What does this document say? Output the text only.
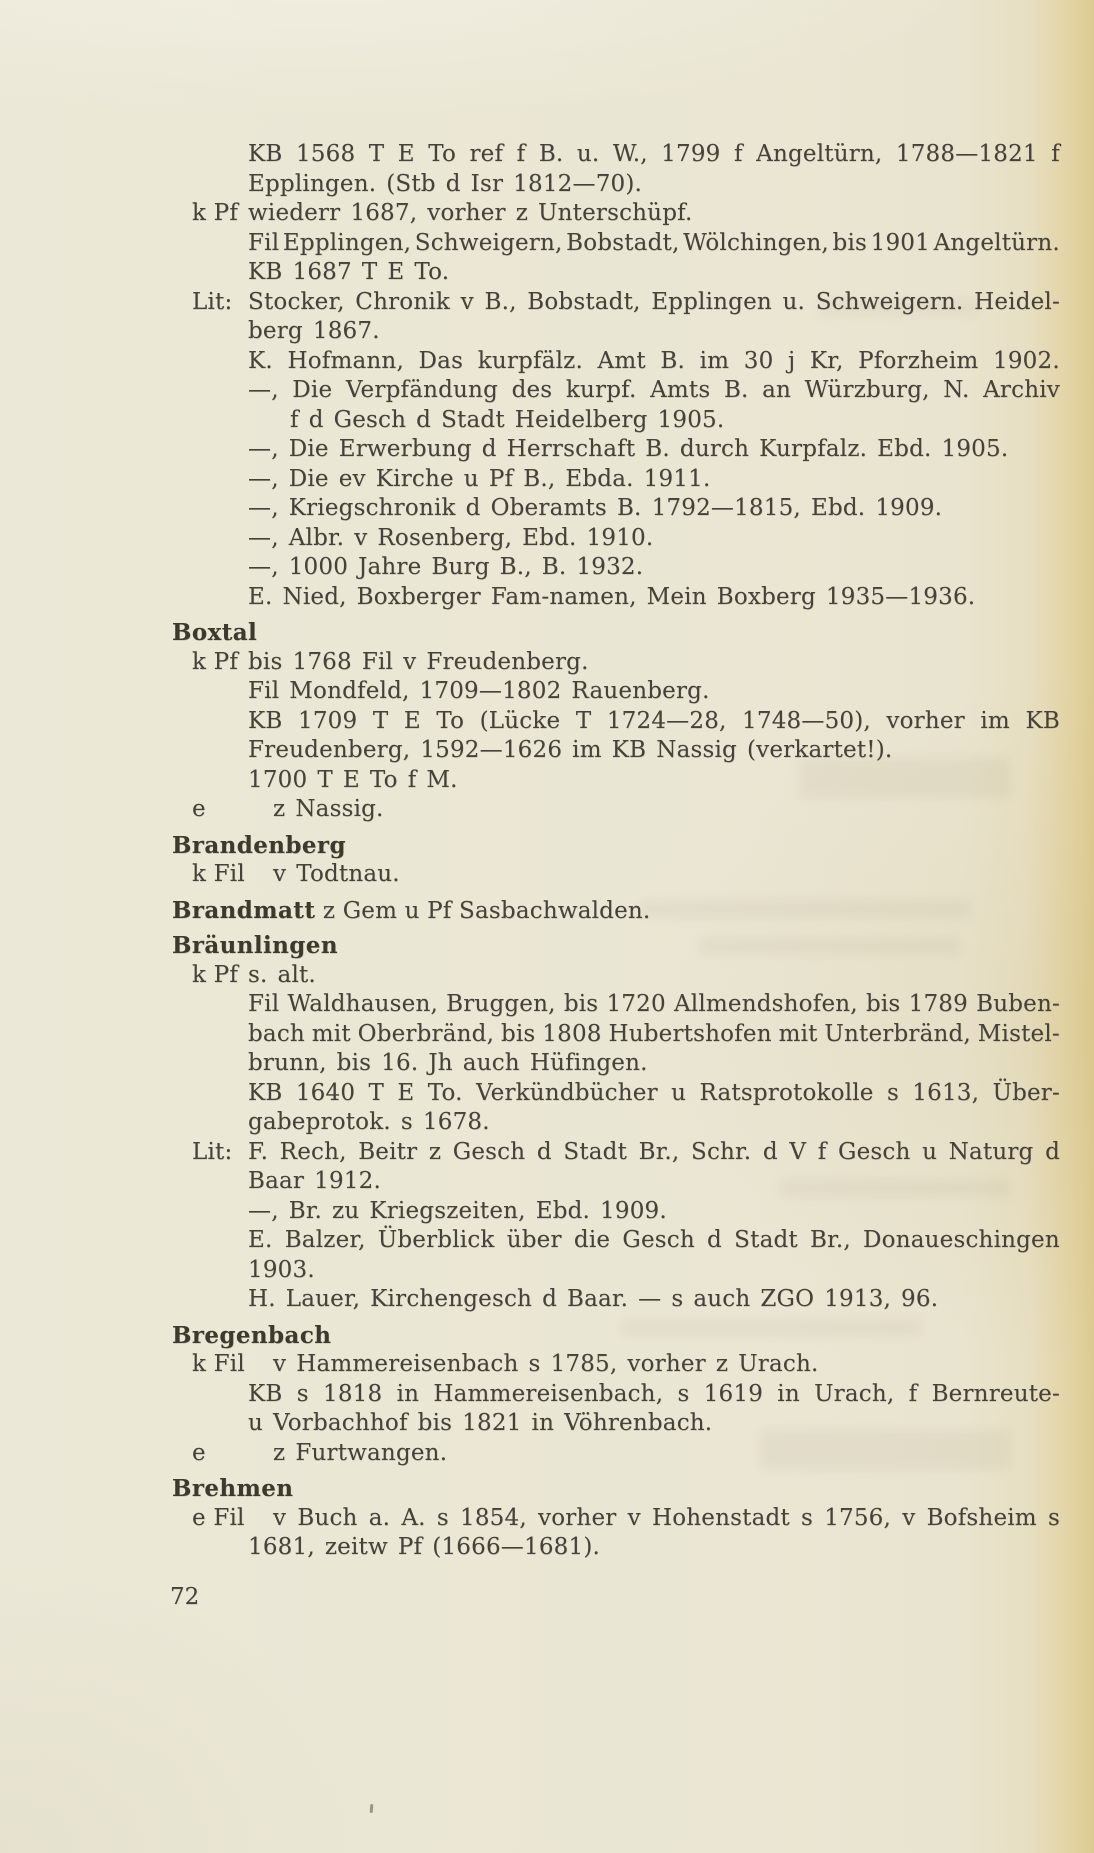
KB 1568 T E To ref f B. u. W., 1799 f Angeltürn, 1788—1821 f
Epplingen. (Stb d Isr 1812—70).
k Pf wiederr 1687, vorher z Unterschüpf.
Fil Epplingen, Schweigern, Bobstadt, Wölchingen, bis 1901 Angeltürn.
KB 1687 T E To.
Lit: Stocker, Chronik v B., Bobstadt, Epplingen u. Schweigern. Heidel-
berg 1867.
K. Hofmann, Das kurpfälz. Amt B. im 30 j Kr, Pforzheim 1902.
—, Die Verpfändung des kurpf. Amts B. an Würzburg, N. Archiv
f d Gesch d Stadt Heidelberg 1905.
—, Die Erwerbung d Herrschaft B. durch Kurpfalz. Ebd. 1905.
—, Die ev Kirche u Pf B., Ebda. 1911.
—, Kriegschronik d Oberamts B. 1792—1815, Ebd. 1909.
—, Albr. v Rosenberg, Ebd. 1910.
—, 1000 Jahre Burg B., B. 1932.
E. Nied, Boxberger Fam-namen, Mein Boxberg 1935—1936.
Boxtal
k Pf bis 1768 Fil v Freudenberg.
Fil Mondfeld, 1709—1802 Rauenberg.
KB 1709 T E To (Lücke T 1724—28, 1748—50), vorher im KB
Freudenberg, 1592—1626 im KB Nassig (verkartet!).
1700 T E To f M.
e	z Nassig.
Brandenberg
k Fil v Todtnau.
Brandmatt z Gem u Pf Sasbachwalden.
Bräunlingen
k Pf s. alt.
Fil Waldhausen, Bruggen, bis 1720 Allmendshofen, bis 1789 Buben-
bach mit Oberbränd, bis 1808 Hubertshofen mit Unterbränd, Mistel-
brunn, bis 16. Jh auch Hüfingen.
KB 1640 T E To. Verkündbücher u Ratsprotokolle s 1613, Über-
gabeprotok. s 1678.
Lit: F. Rech, Beitr z Gesch d Stadt Br., Schr. d V f Gesch u Naturg d
Baar 1912.
—, Br. zu Kriegszeiten, Ebd. 1909.
E. Balzer, Überblick über die Gesch d Stadt Br., Donaueschingen
1903.
H. Lauer, Kirchengesch d Baar. — s auch ZGO 1913, 96.
Bregenbach
k Fil v Hammereisenbach s 1785, vorher z Urach.
KB s 1818 in Hammereisenbach, s 1619 in Urach, f Bernreute-
u Vorbachhof bis 1821 in Vöhrenbach.
e	z Furtwangen.
Brehmen
e Fil v Buch a. A. s 1854, vorher v Hohenstadt s 1756, v Bofsheim s
1681, zeitw Pf (1666—1681).
72
